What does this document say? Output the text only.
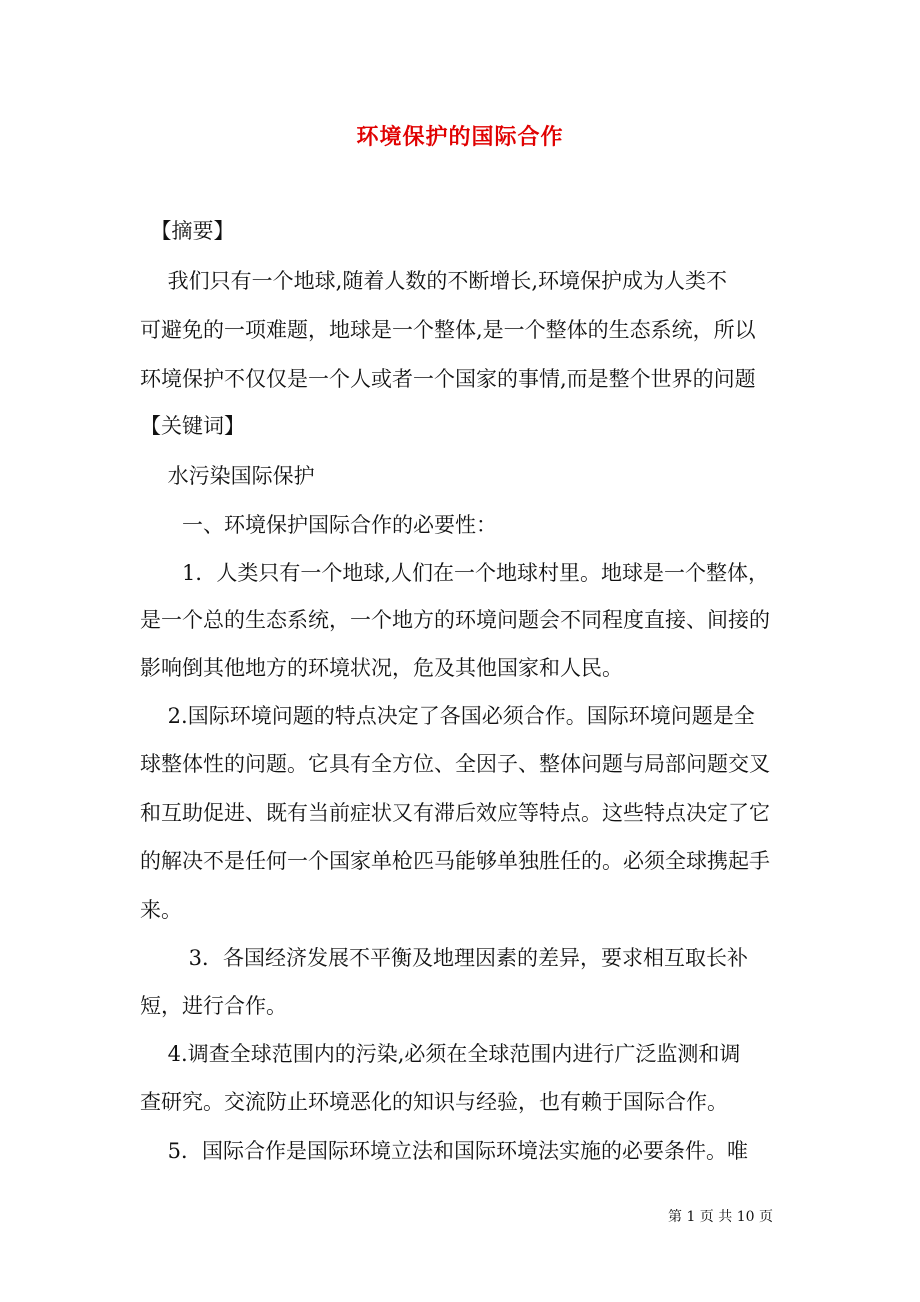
环境保护的国际合作
　【摘要】
　 我们只有一个地球,随着人数的不断增长,环境保护成为人类不
可避免的一项难题，地球是一个整体,是一个整体的生态系统，所以
环境保护不仅仅是一个人或者一个国家的事情,而是整个世界的问题
【关键词】
　 水污染国际保护
　　一、环境保护国际合作的必要性：
　　1．人类只有一个地球,人们在一个地球村里。地球是一个整体，
是一个总的生态系统，一个地方的环境问题会不同程度直接、间接的
影响倒其他地方的环境状况，危及其他国家和人民。
　 2.国际环境问题的特点决定了各国必须合作。国际环境问题是全
球整体性的问题。它具有全方位、全因子、整体问题与局部问题交叉
和互助促进、既有当前症状又有滞后效应等特点。这些特点决定了它
的解决不是任何一个国家单枪匹马能够单独胜任的。必须全球携起手
来。
　　 3．各国经济发展不平衡及地理因素的差异，要求相互取长补
短，进行合作。
　 4.调查全球范围内的污染,必须在全球范围内进行广泛监测和调
查研究。交流防止环境恶化的知识与经验，也有赖于国际合作。
　 5．国际合作是国际环境立法和国际环境法实施的必要条件。唯
第 1 页 共 10 页
